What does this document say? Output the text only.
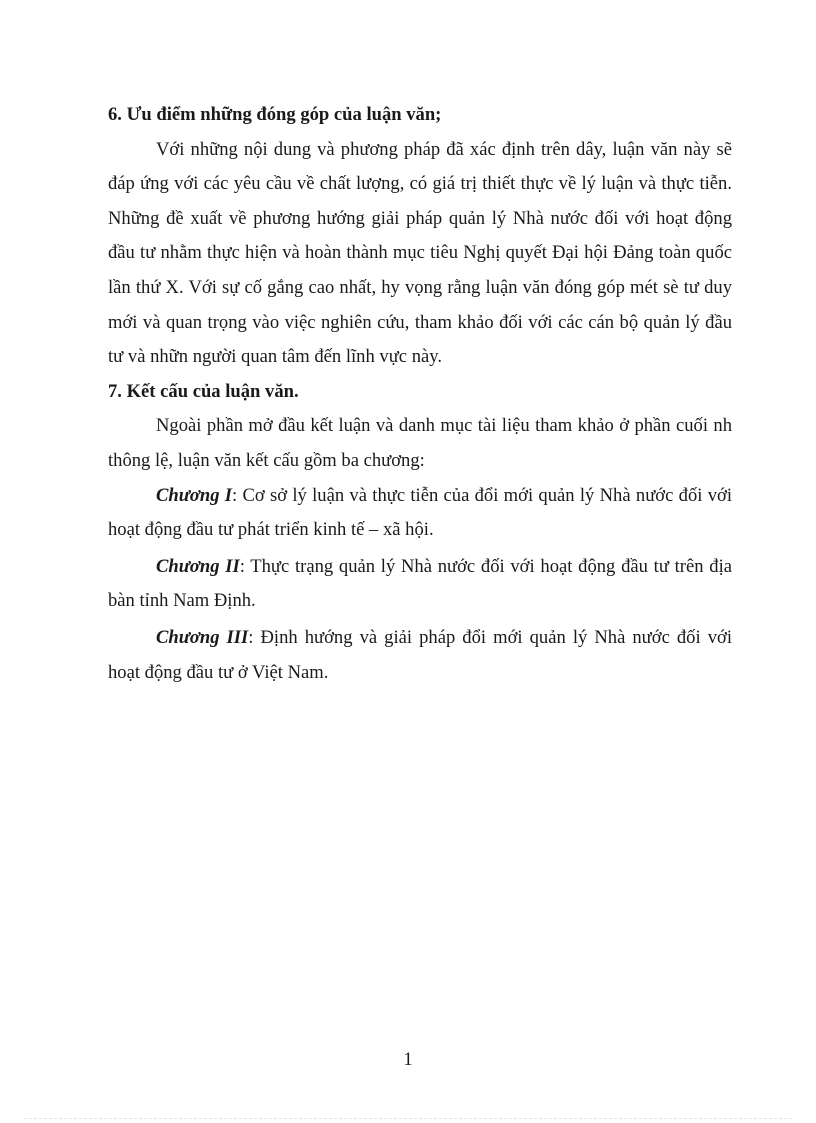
6. Ưu điểm những đóng góp của luận văn;

Với những nội dung và phương pháp đã xác định trên dây, luận văn này sẽ đáp ứng với các yêu cầu về chất lượng, có giá trị thiết thực về lý luận và thực tiễn. Những đề xuất về phương hướng giải pháp quản lý Nhà nước đối với hoạt động đầu tư nhằm thực hiện và hoàn thành mục tiêu Nghị quyết Đại hội Đảng toàn quốc lần thứ X. Với sự cố gắng cao nhất, hy vọng rằng luận văn đóng góp mét sè tư duy mới và quan trọng vào việc nghiên cứu, tham khảo đối với các cán bộ quản lý đầu tư và nhữn người quan tâm đến lĩnh vực này.

7. Kết cấu của luận văn.

Ngoài phần mở đầu kết luận và danh mục tài liệu tham khảo ở phần cuối nh thông lệ, luận văn kết cấu gồm ba chương:

Chương I: Cơ sở lý luận và thực tiễn của đổi mới quản lý Nhà nước đối với hoạt động đầu tư phát triển kinh tế – xã hội.

Chương II: Thực trạng quản lý Nhà nước đối với hoạt động đầu tư trên địa bàn tỉnh Nam Định.

Chương III: Định hướng và giải pháp đổi mới quản lý Nhà nước đối với hoạt động đầu tư ở Việt Nam.

1
